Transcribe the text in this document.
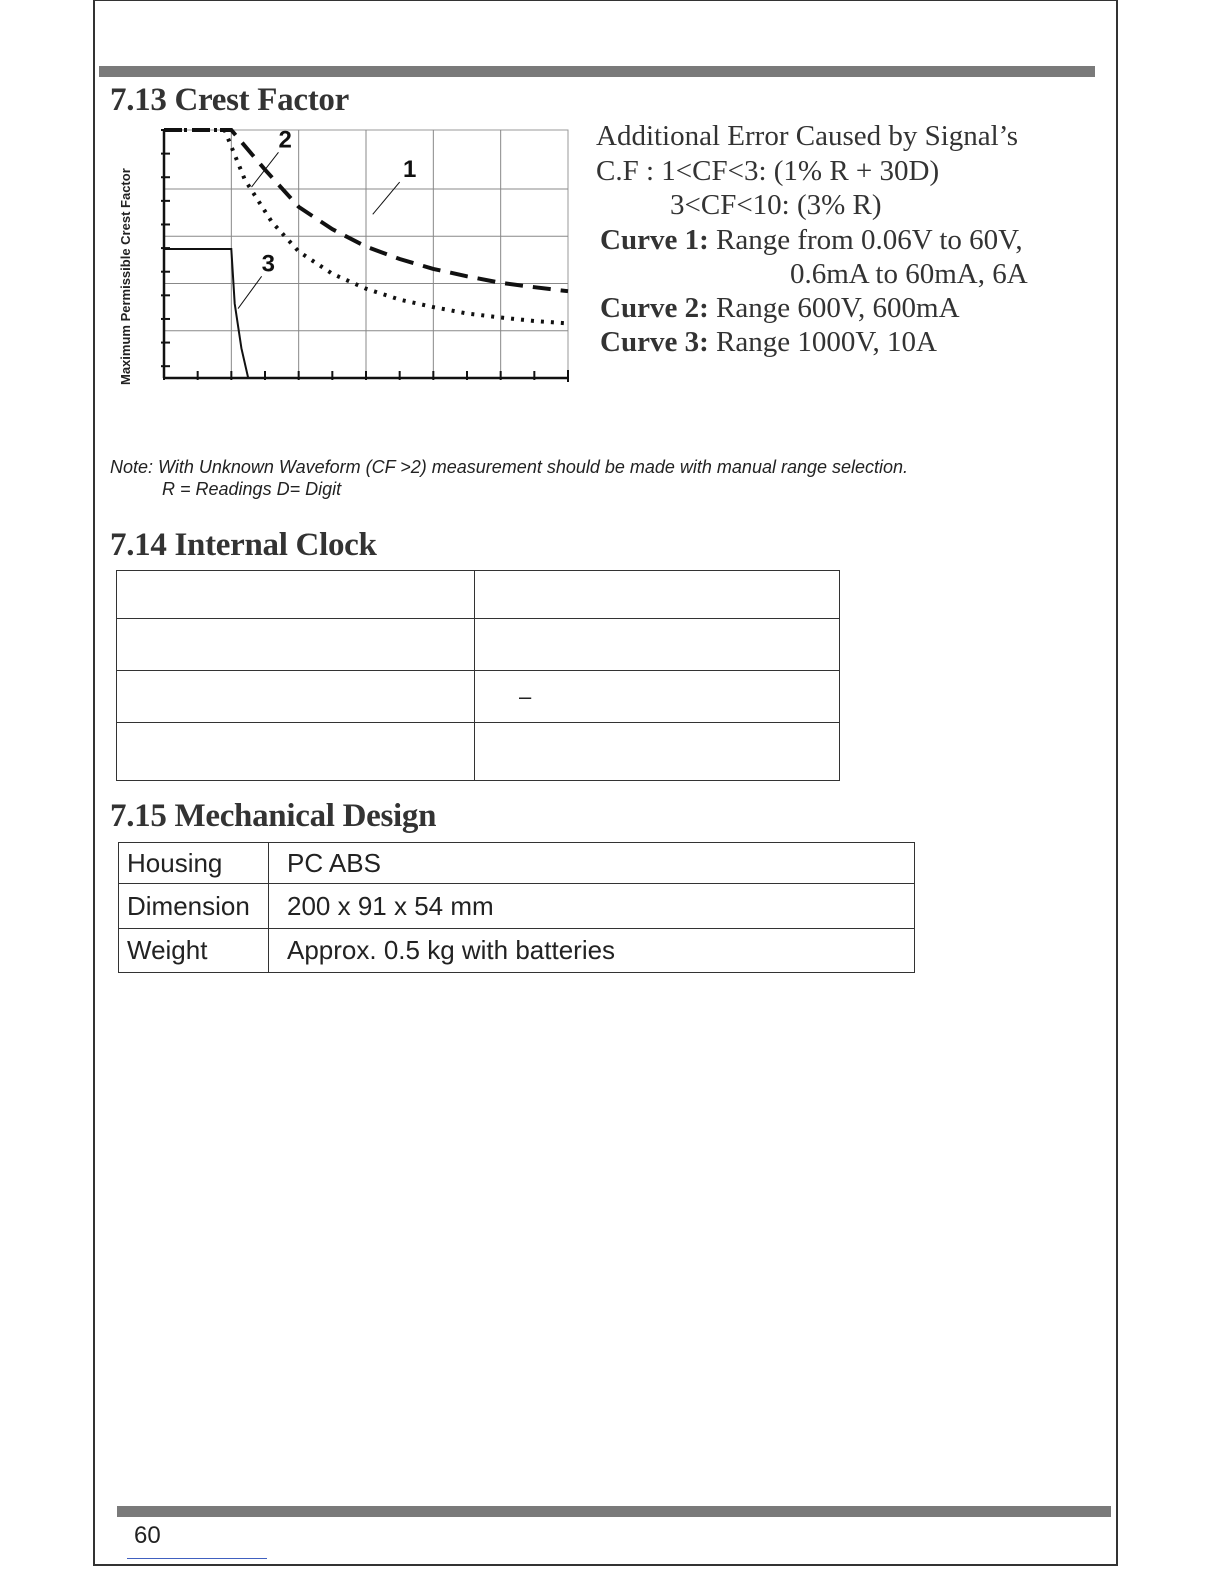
7.13 Crest Factor
Maximum Permissible Crest Factor	1
2
3
Additional Error Caused by Signal’s
C.F : 1<CF<3: (1% R + 30D)
3<CF<10: (3% R)
Curve 1: Range from 0.06V to 60V,
0.6mA to 60mA, 6A
Curve 2: Range 600V, 600mA
Curve 3: Range 1000V, 10A
Note: With Unknown Waveform (CF >2) measurement should be made with manual range selection.
R = Readings D= Digit
7.14 Internal Clock

	–

7.15 Mechanical Design
Housing	PC ABS
Dimension	200 x 91 x 54 mm
Weight	Approx. 0.5 kg with batteries
60
